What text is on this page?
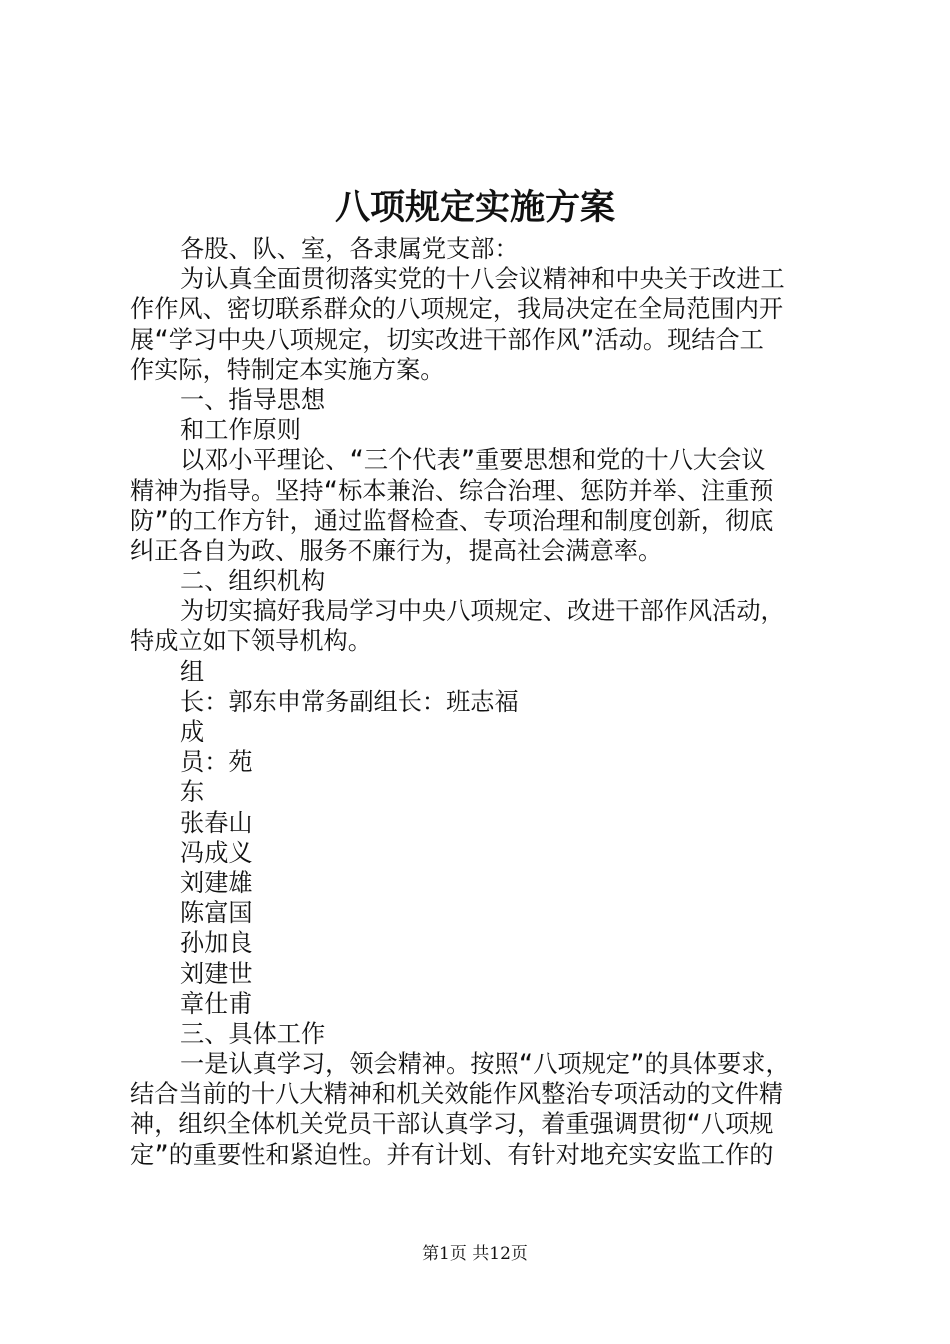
八项规定实施方案
各股、队、室，各隶属党支部：
为认真全面贯彻落实党的十八会议精神和中央关于改进工
作作风、密切联系群众的八项规定，我局决定在全局范围内开
展“学习中央八项规定，切实改进干部作风”活动。现结合工
作实际，特制定本实施方案。
一、指导思想
和工作原则
以邓小平理论、“三个代表”重要思想和党的十八大会议
精神为指导。坚持“标本兼治、综合治理、惩防并举、注重预
防”的工作方针，通过监督检查、专项治理和制度创新，彻底
纠正各自为政、服务不廉行为，提高社会满意率。
二、组织机构
为切实搞好我局学习中央八项规定、改进干部作风活动，
特成立如下领导机构。
组
长：郭东申常务副组长：班志福
成
员：苑
东
张春山
冯成义
刘建雄
陈富国
孙加良
刘建世
章仕甫
三、具体工作
一是认真学习，领会精神。按照“八项规定”的具体要求，
结合当前的十八大精神和机关效能作风整治专项活动的文件精
神，组织全体机关党员干部认真学习，着重强调贯彻“八项规
定”的重要性和紧迫性。并有计划、有针对地充实安监工作的
第1页 共12页
